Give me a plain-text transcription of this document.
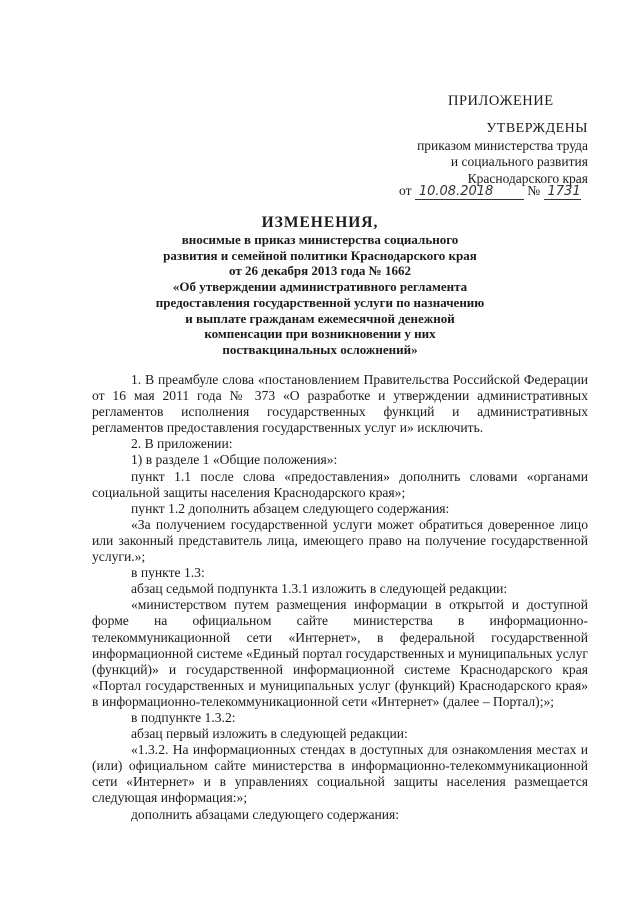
ПРИЛОЖЕНИЕ
УТВЕРЖДЕНЫ
приказом министерства труда
и социального развития
Краснодарского края
от 10.08.2018	№ 1731
ИЗМЕНЕНИЯ,
вносимые в приказ министерства социального
развития и семейной политики Краснодарского края
от 26 декабря 2013 года № 1662
«Об утверждении административного регламента
предоставления государственной услуги по назначению
и выплате гражданам ежемесячной денежной
компенсации при возникновении у них
поствакцинальных осложнений»

1. В преамбуле слова «постановлением Правительства Российской Федерации от 16 мая 2011 года № 373 «О разработке и утверждении административных регламентов исполнения государственных функций и административных регламентов предоставления государственных услуг и» исключить.

2. В приложении:

1) в разделе 1 «Общие положения»:

пункт 1.1 после слова «предоставления» дополнить словами «органами социальной защиты населения Краснодарского края»;

пункт 1.2 дополнить абзацем следующего содержания:

«За получением государственной услуги может обратиться доверенное лицо или законный представитель лица, имеющего право на получение государственной услуги.»;

в пункте 1.3:

абзац седьмой подпункта 1.3.1 изложить в следующей редакции:

«министерством путем размещения информации в открытой и доступной форме на официальном сайте министерства в информационно-телекоммуникационной сети «Интернет», в федеральной государственной информационной системе «Единый портал государственных и муниципальных услуг (функций)» и государственной информационной системе Краснодарского края «Портал государственных и муниципальных услуг (функций) Краснодарского края» в информационно-телекоммуникационной сети «Интернет» (далее – Портал);»;

в подпункте 1.3.2:

абзац первый изложить в следующей редакции:

«1.3.2. На информационных стендах в доступных для ознакомления местах и (или) официальном сайте министерства в информационно-телекоммуникационной сети «Интернет» и в управлениях социальной защиты населения размещается следующая информация:»;

дополнить абзацами следующего содержания:
